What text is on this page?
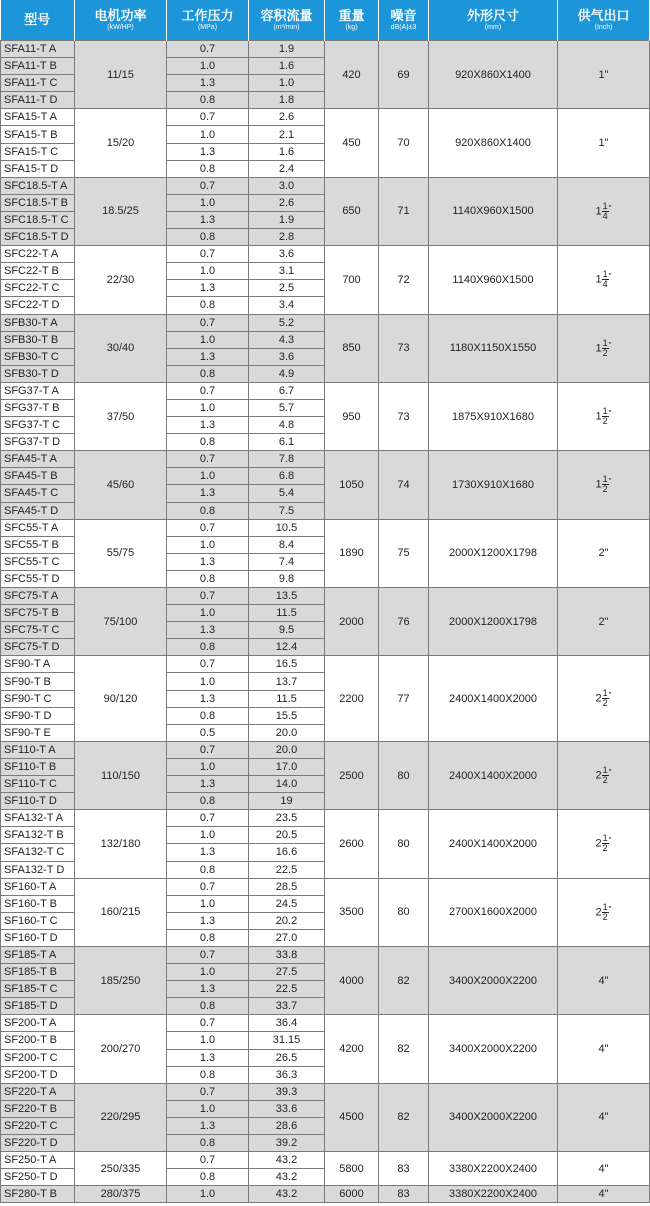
型号	电机功率
(kW/HP)	工作压力
(MPa)	容积流量
(m³/min)	重量
(kg)	噪音
dB(A)±3	外形尺寸
(mm)	供气出口
(Inch)

SFA11-T A	11/15	0.7	1.9	420	69	920X860X1400	1"
SFA11-T B		1.0	1.6				
SFA11-T C		1.3	1.0				
SFA11-T D		0.8	1.8				
SFA15-T A	15/20	0.7	2.6	450	70	920X860X1400	1"
SFA15-T B		1.0	2.1				
SFA15-T C		1.3	1.6				
SFA15-T D		0.8	2.4				
SFC18.5-T A	18.5/25	0.7	3.0	650	71	1140X960X1500	$1 \frac{1}{4} ^"$
SFC18.5-T B		1.0	2.6				
SFC18.5-T C		1.3	1.9				
SFC18.5-T D		0.8	2.8				
SFC22-T A	22/30	0.7	3.6	700	72	1140X960X1500	$1 \frac{1}{4} ^"$
SFC22-T B		1.0	3.1				
SFC22-T C		1.3	2.5				
SFC22-T D		0.8	3.4				
SFB30-T A	30/40	0.7	5.2	850	73	1180X1150X1550	$1 \frac{1}{2} ^"$
SFB30-T B		1.0	4.3				
SFB30-T C		1.3	3.6				
SFB30-T D		0.8	4.9				
SFG37-T A	37/50	0.7	6.7	950	73	1875X910X1680	$1 \frac{1}{2} ^"$
SFG37-T B		1.0	5.7				
SFG37-T C		1.3	4.8				
SFG37-T D		0.8	6.1				
SFA45-T A	45/60	0.7	7.8	1050	74	1730X910X1680	$1 \frac{1}{2} ^"$
SFA45-T B		1.0	6.8				
SFA45-T C		1.3	5.4				
SFA45-T D		0.8	7.5				
SFC55-T A	55/75	0.7	10.5	1890	75	2000X1200X1798	2"
SFC55-T B		1.0	8.4				
SFC55-T C		1.3	7.4				
SFC55-T D		0.8	9.8				
SFC75-T A	75/100	0.7	13.5	2000	76	2000X1200X1798	2"
SFC75-T B		1.0	11.5				
SFC75-T C		1.3	9.5				
SFC75-T D		0.8	12.4				
SF90-T A	90/120	0.7	16.5	2200	77	2400X1400X2000	$2 \frac{1}{2} ^"$
SF90-T B		1.0	13.7				
SF90-T C		1.3	11.5				
SF90-T D		0.8	15.5				
SF90-T E		0.5	20.0				
SF110-T A	110/150	0.7	20.0	2500	80	2400X1400X2000	$2 \frac{1}{2} ^"$
SF110-T B		1.0	17.0				
SF110-T C		1.3	14.0				
SF110-T D		0.8	19				
SFA132-T A	132/180	0.7	23.5	2600	80	2400X1400X2000	$2 \frac{1}{2} ^"$
SFA132-T B		1.0	20.5				
SFA132-T C		1.3	16.6				
SFA132-T D		0.8	22.5				
SF160-T A	160/215	0.7	28.5	3500	80	2700X1600X2000	$2 \frac{1}{2} ^"$
SF160-T B		1.0	24.5				
SF160-T C		1.3	20.2				
SF160-T D		0.8	27.0				
SF185-T A	185/250	0.7	33.8	4000	82	3400X2000X2200	4"
SF185-T B		1.0	27.5				
SF185-T C		1.3	22.5				
SF185-T D		0.8	33.7				
SF200-T A	200/270	0.7	36.4	4200	82	3400X2000X2200	4"
SF200-T B		1.0	31.15				
SF200-T C		1.3	26.5				
SF200-T D		0.8	36.3				
SF220-T A	220/295	0.7	39.3	4500	82	3400X2000X2200	4"
SF220-T B		1.0	33.6				
SF220-T C		1.3	28.6				
SF220-T D		0.8	39.2				
SF250-T A	250/335	0.7	43.2	5800	83	3380X2200X2400	4"
SF250-T D		0.8	43.2				
SF280-T B	280/375	1.0	43.2	6000	83	3380X2200X2400	4"
